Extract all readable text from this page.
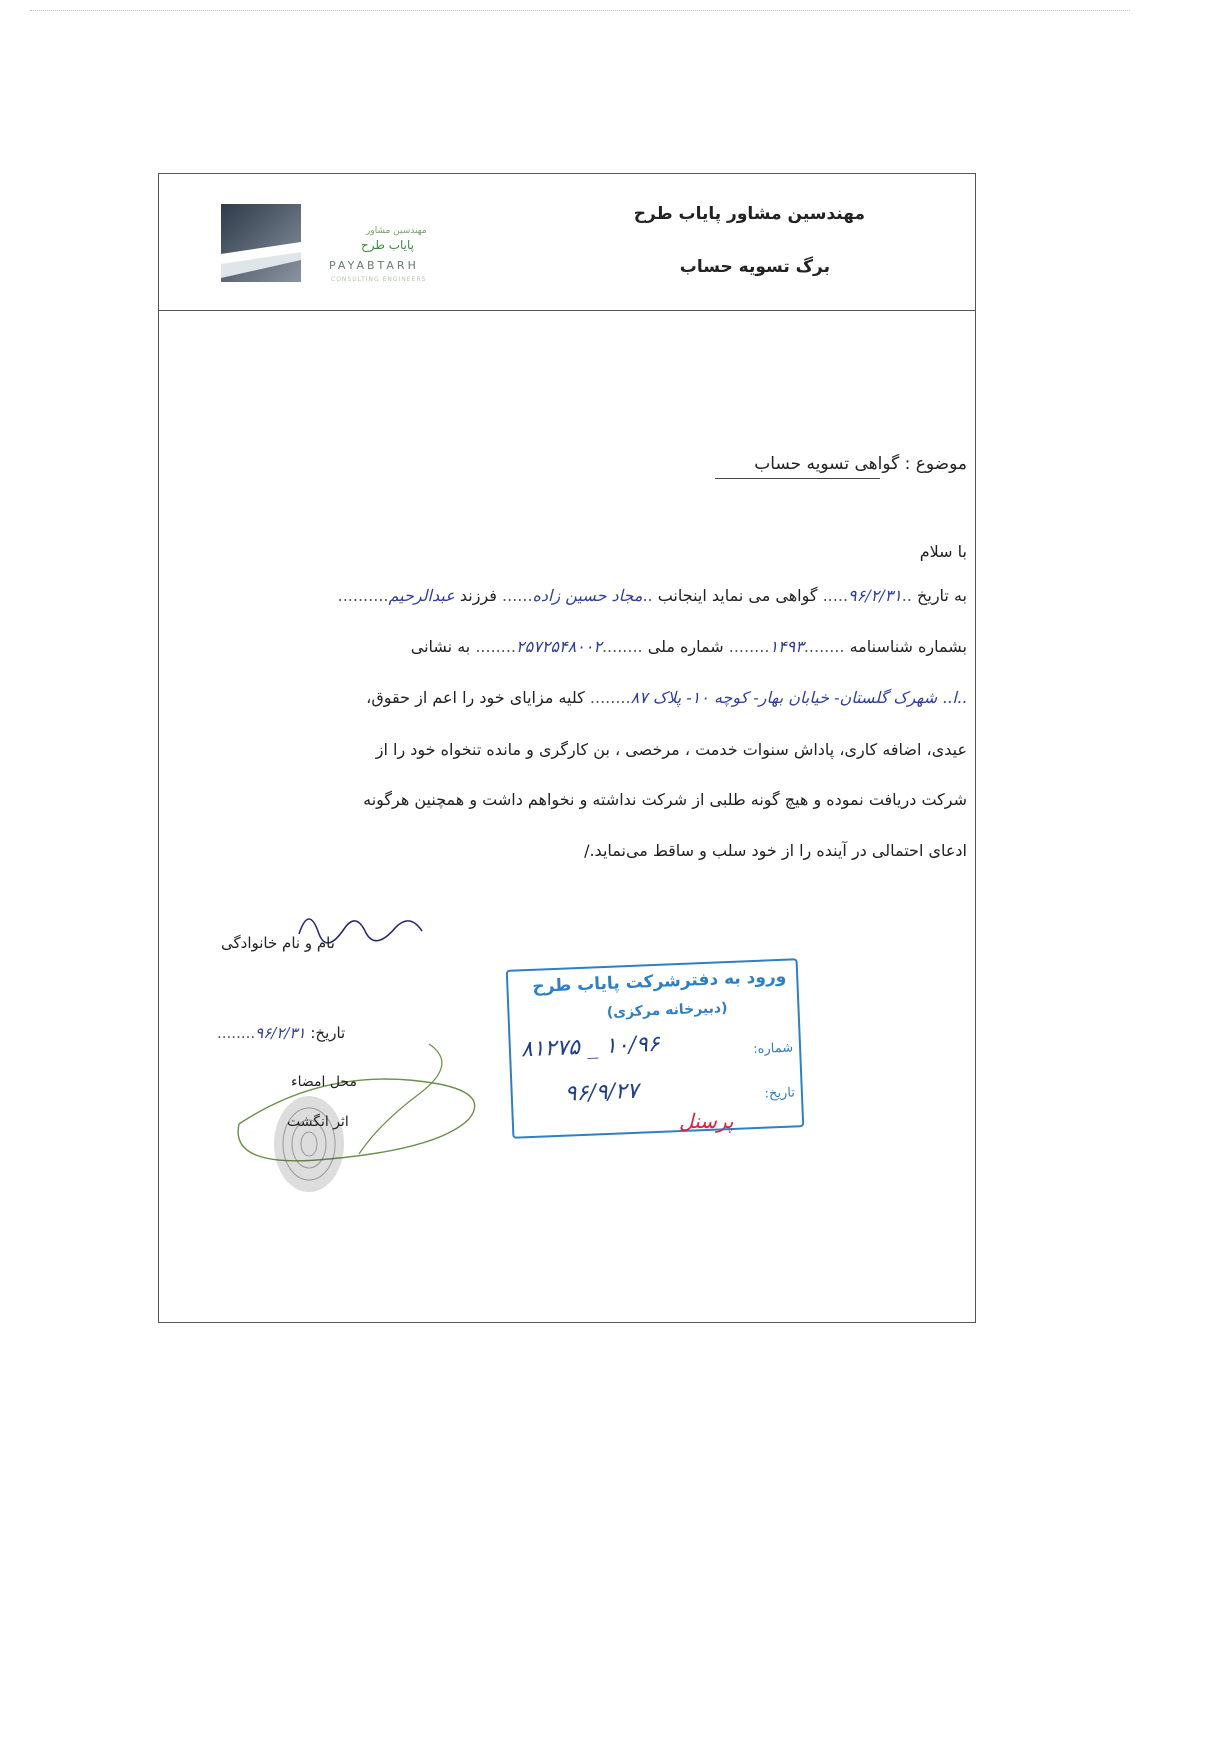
مهندسین مشاور
پایاب طرح
PAYABTARH
CONSULTING ENGINEERS
مهندسین مشاور پایاب طرح
برگ تسویه حساب
موضوع : گواهی تسویه حساب
با سلام
به تاریخ ..۹۶/۲/۳۱..... گواهی می نماید اینجانب ..مجاد حسین زاده...... فرزند عبدالرحیم..........
بشماره شناسنامه ........۱۴۹۳........ شماره ملی ........۲۵۷۲۵۴۸۰۰۲........ به نشانی
..ا.. شهرک گلستان- خیابان بهار- کوچه ۱۰- پلاک ۸۷........ کلیه مزایای خود را اعم از حقوق،
عیدی، اضافه کاری، پاداش سنوات خدمت ، مرخصی ، بن کارگری و مانده تنخواه خود را از
شرکت دریافت نموده و هیچ گونه طلبی از شرکت نداشته و نخواهم داشت و همچنین هرگونه
ادعای احتمالی در آینده را از خود سلب و ساقط می‌نماید./
نام و نام خانوادگی
تاریخ: ۹۶/۲/۳۱........
محل امضاء
اثر انگشت
ورود به دفترشرکت پایاب طرح
(دبیرخانه مرکزی)
شماره:
۸۱۲۷۵ _ ۱۰/۹۶
تاریخ:
۹۶/۹/۲۷
پرسنل
